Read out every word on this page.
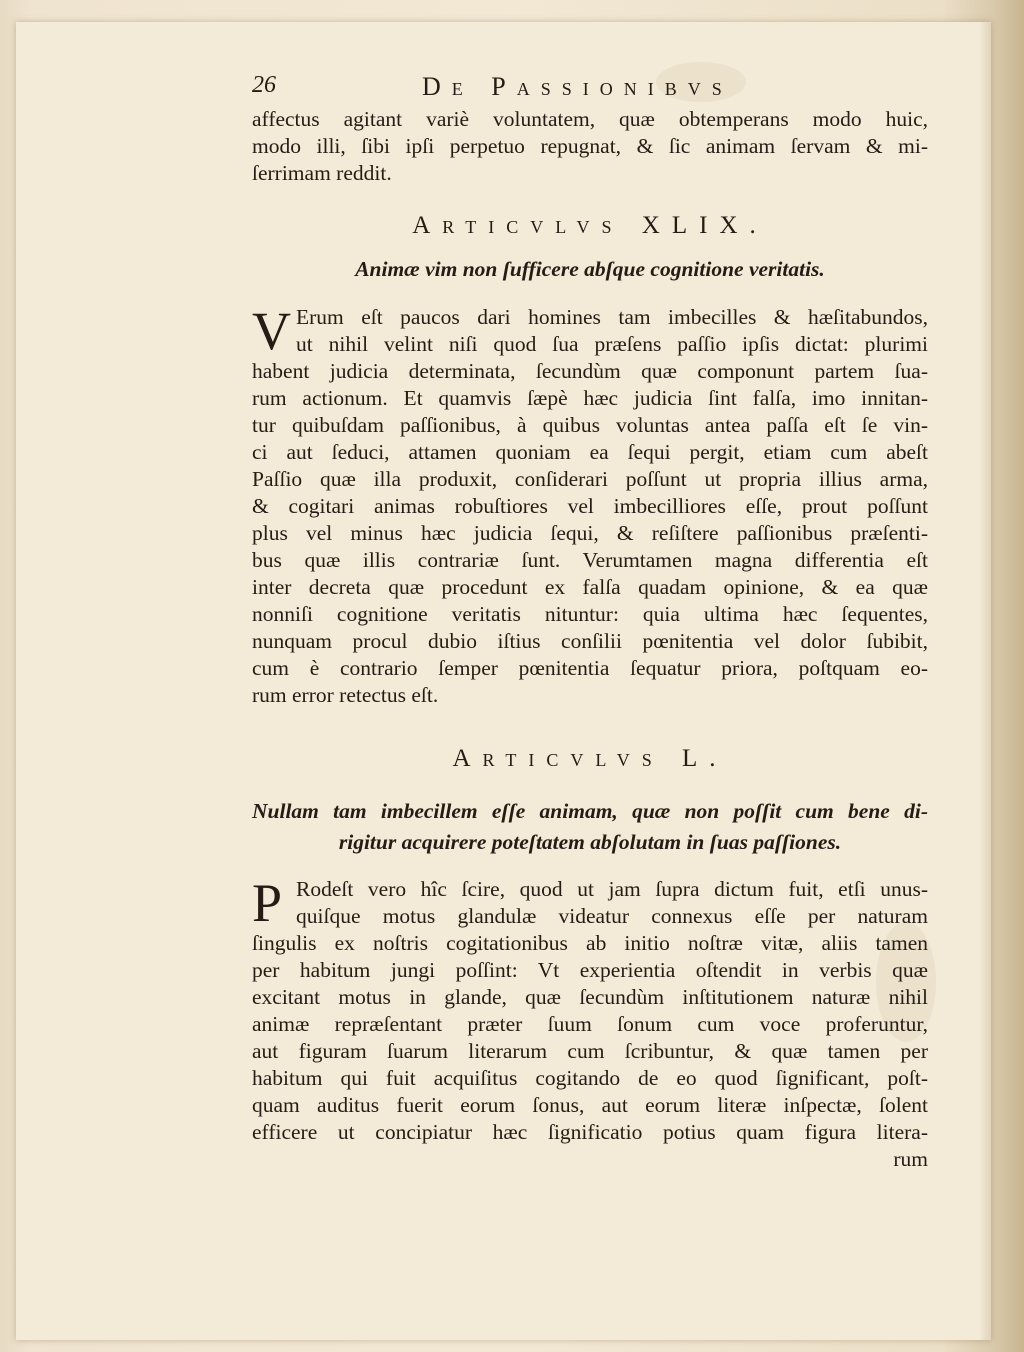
26	De Passionibvs
affectus agitant variè voluntatem, quæ obtemperans modo huic,
modo illi, ſibi ipſi perpetuo repugnat, & ſic animam ſervam & mi-
ſerrimam reddit.
Articvlvs XLIX.
Animæ vim non ſufficere abſque cognitione veritatis.
V Erum eſt paucos dari homines tam imbecilles & hæſitabundos,
ut nihil velint niſi quod ſua præſens paſſio ipſis dictat: plurimi
habent judicia determinata, ſecundùm quæ componunt partem ſua-
rum actionum. Et quamvis ſæpè hæc judicia ſint falſa, imo innitan-
tur quibuſdam paſſionibus, à quibus voluntas antea paſſa eſt ſe vin-
ci aut ſeduci, attamen quoniam ea ſequi pergit, etiam cum abeſt
Paſſio quæ illa produxit, conſiderari poſſunt ut propria illius arma,
& cogitari animas robuſtiores vel imbecilliores eſſe, prout poſſunt
plus vel minus hæc judicia ſequi, & reſiſtere paſſionibus præſenti-
bus quæ illis contrariæ ſunt. Verumtamen magna differentia eſt
inter decreta quæ procedunt ex falſa quadam opinione, & ea quæ
nonniſi cognitione veritatis nituntur: quia ultima hæc ſequentes,
nunquam procul dubio iſtius conſilii pœnitentia vel dolor ſubibit,
cum è contrario ſemper pœnitentia ſequatur priora, poſtquam eo-
rum error retectus eſt.
Articvlvs L.
Nullam tam imbecillem eſſe animam, quæ non poſſit cum bene di-
rigitur acquirere poteſtatem abſolutam in ſuas paſſiones.
P Rodeſt vero hîc ſcire, quod ut jam ſupra dictum fuit, etſi unus-
quiſque motus glandulæ videatur connexus eſſe per naturam
ſingulis ex noſtris cogitationibus ab initio noſtræ vitæ, aliis tamen
per habitum jungi poſſint: Vt experientia oſtendit in verbis quæ
excitant motus in glande, quæ ſecundùm inſtitutionem naturæ nihil
animæ repræſentant præter ſuum ſonum cum voce proferuntur,
aut figuram ſuarum literarum cum ſcribuntur, & quæ tamen per
habitum qui fuit acquiſitus cogitando de eo quod ſignificant, poſt-
quam auditus fuerit eorum ſonus, aut eorum literæ inſpectæ, ſolent
efficere ut concipiatur hæc ſignificatio potius quam figura litera-
rum
